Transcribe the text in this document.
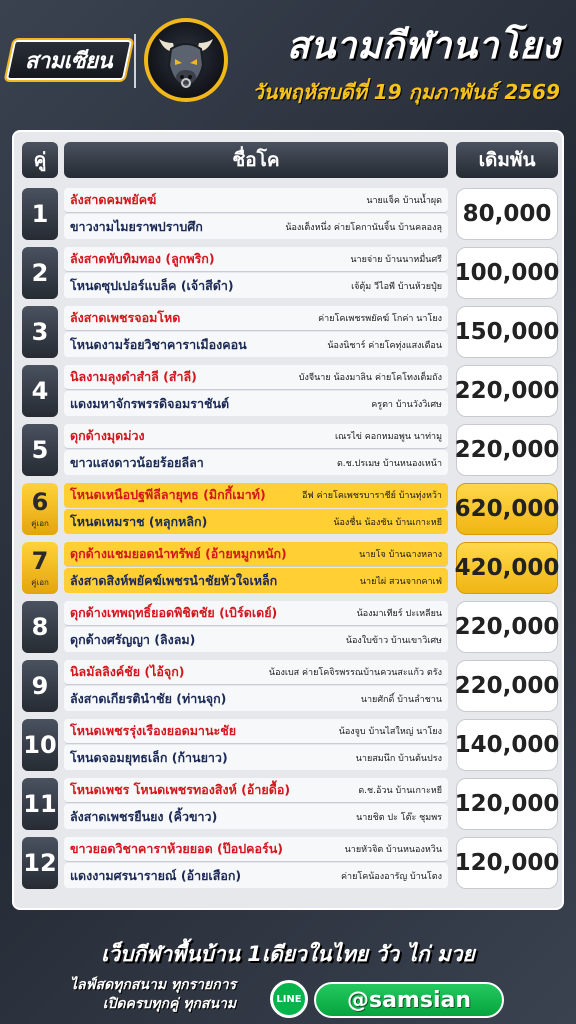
สามเซียน	สนามกีฬานาโยง
วันพฤหัสบดีที่ 19 กุมภาพันธ์ 2569
คู่	ชื่อโค	เดิมพัน
1
ลังสาดคมพยัคฆ์	นายแจ็ค บ้านน้ำผุด
ขาวงามไมยราพปราบศึก	น้องเต็งหนึ่ง ค่ายโคกานันจิ้น บ้านคลองลุ
80,000
2
ลังสาดทับทิมทอง (ลูกพริก)	นายจ่าย บ้านนาหมื่นศรี
โหนดซุปเปอร์แบล็ค (เจ้าสีดำ)	เจ้ตุ้ม วีไอพี บ้านห้วยปุ๋ย
100,000
3
ลังสาดเพชรจอมโหด	ค่ายโคเพชรพยัคฆ์ โกค่า นาโยง
โหนดงามร้อยวิชาคาราเมืองคอน	น้องนิชาร์ ค่ายโคทุ่งแสงเดือน
150,000
4
นิลงามลุงดำสำลี (สำลี)	บังจีนาย น้องมาลิน ค่ายโคโทงเต็มถัง
แดงมหาจักรพรรดิจอมราชันต์	ครูตา บ้านวังวิเศษ
220,000
5
ดุกด้างมุดม่วง	เณรไข่ คอกหมอพูน นาท่ามู
ขาวแสงดาวน้อยร้อยลีลา	ด.ช.ปรเมษ บ้านหนองเหน้า
220,000
6
คู่เอก
โหนดเหนือปฐพีลีลายุทธ (มิกกี้เมาท์)	อีฟ ค่ายโคเพชรบาราชีย์ บ้านทุ่งหว้า
โหนดเหมราช (หลุกหลิก)	น้องชื่น น้องชัน บ้านเกาะหยี
620,000
7
คู่เอก
ดุกด้างแชมยอดนำทรัพย์ (อ้ายหมูกหนัก)	นายโจ บ้านฉางหลาง
ลังสาดสิงห์พยัคฆ์เพชรนำชัยหัวใจเหล็ก	นายไผ่ สวนจากคาเฟ่
420,000
8
ดุกด้างเทพฤทธิ์ยอดพิชิตชัย (เบิร์ดเดย์)	น้องมาเทียร์ ปะเหลียน
ดุกด้างศรัญญา (ลิงลม)	น้องใบข้าว บ้านเขาวิเศษ
220,000
9
นิลมัลลิงค์ชัย (ไอ้จุก)	น้องเบส ค่ายโคจิรพรรณบ้านควนสะแก้ว ตรัง
ลังสาดเกียรตินำชัย (ท่านจุก)	นายศักดิ์ บ้านลำชาน
220,000
10
โหนดเพชรรุ่งเรืองยอดมานะชัย	น้องจูบ บ้านไสใหญ่ นาโยง
โหนดจอมยุทธเล็ก (ก้านยาว)	นายสมนึก บ้านต้นปรง
140,000
11
โหนดเพชร โหนดเพชรทองสิงห์ (อ้ายดื้อ)	ด.ช.อ้วน บ้านเกาะหยี
ลังสาดเพชรยืนยง (คิ้วขาว)	นายชิต ปะ โต๊ะ ชุมพร
120,000
12
ขาวยอดวิชาคาราห้วยยอด (ป๊อปคอร์น)	นายหัวจิต บ้านหนองหวิน
แดงงามศรนารายณ์ (อ้ายเสือก)	ค่ายโคน้องอารัญ บ้านโตง
120,000
เว็บกีฬาพื้นบ้าน 1เดียวในไทย วัว ไก่ มวย
ไลฟ์สดทุกสนาม ทุกรายการ
เปิดครบทุกคู่ ทุกสนาม	LINE @samsian
